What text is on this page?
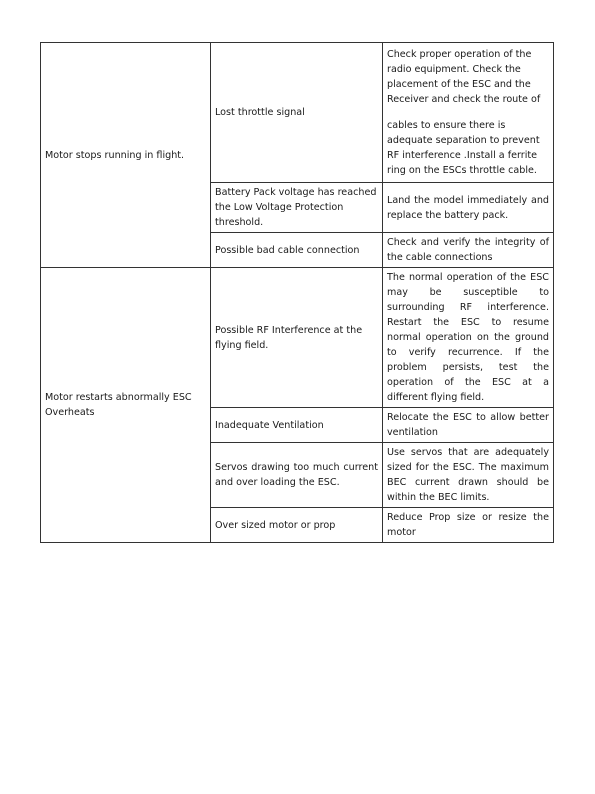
Motor stops running in flight.	Lost throttle signal	Check proper operation of the radio equipment. Check the placement of the ESC and the Receiver and check the route of
cables to ensure there is adequate separation to prevent RF interference .Install a ferrite ring on the ESCs throttle cable.

	Battery Pack voltage has reached the Low Voltage Protection threshold.	Land the model immediately and replace the battery pack.
	Possible bad cable connection	Check and verify the integrity of the cable connections
Motor restarts abnormally ESC Overheats	Possible RF Interference at the flying field.	The normal operation of the ESC may be susceptible to surrounding RF interference. Restart the ESC to resume normal operation on the ground to verify recurrence. If the problem persists, test the operation of the ESC at a different flying field.
	Inadequate Ventilation	Relocate the ESC to allow better ventilation
	Servos drawing too much current and over loading the ESC.	Use servos that are adequately sized for the ESC. The maximum BEC current drawn should be within the BEC limits.
	Over sized motor or prop	Reduce Prop size or resize the motor
